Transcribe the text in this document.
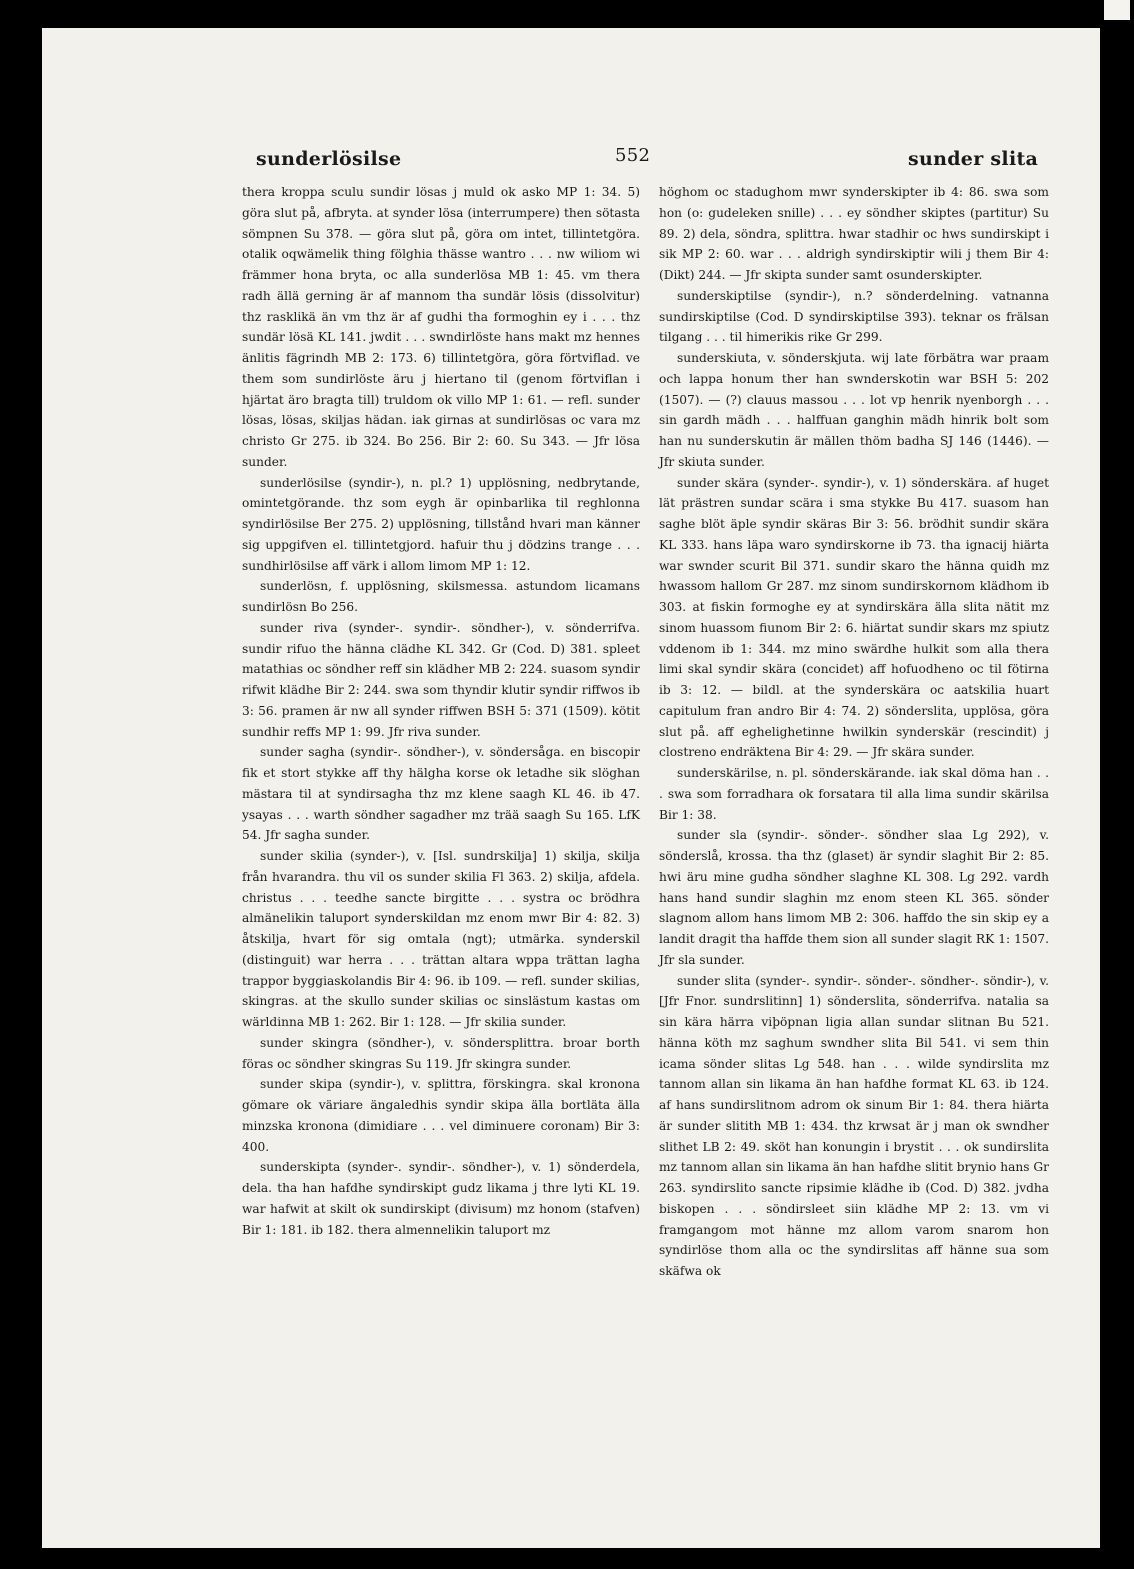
sunderlösilse	552	sunder slita

thera kroppa sculu sundir lösas j muld ok asko MP 1: 34. 5) göra slut på, afbryta. at synder lösa (interrumpere) then sötasta sömpnen Su 378. — göra slut på, göra om intet, tillintetgöra. otalik oqwämelik thing fölghia thässe wantro . . . nw wiliom wi främmer hona bryta, oc alla sunderlösa MB 1: 45. vm thera radh ällä gerning är af mannom tha sundär lösis (dissolvitur) thz rasklikä än vm thz är af gudhi tha formoghin ey i . . . thz sundär lösä KL 141. jwdit . . . swndirlöste hans makt mz hennes änlitis fägrindh MB 2: 173. 6) tillintetgöra, göra förtviflad. ve them som sundirlöste äru j hiertano til (genom förtviflan i hjärtat äro bragta till) truldom ok villo MP 1: 61. — refl. sunder lösas, lösas, skiljas hädan. iak girnas at sundirlösas oc vara mz christo Gr 275. ib 324. Bo 256. Bir 2: 60. Su 343. — Jfr lösa sunder.

sunderlösilse (syndir-), n. pl.? 1) upplösning, nedbrytande, omintetgörande. thz som eygh är opinbarlika til reghlonna syndirlösilse Ber 275. 2) upplösning, tillstånd hvari man känner sig uppgifven el. tillintetgjord. hafuir thu j dödzins trange . . . sundhirlösilse aff värk i allom limom MP 1: 12.

sunderlösn, f. upplösning, skilsmessa. astundom licamans sundirlösn Bo 256.

sunder riva (synder-. syndir-. söndher-), v. sönderrifva. sundir rifuo the hänna clädhe KL 342. Gr (Cod. D) 381. spleet matathias oc söndher reff sin klädher MB 2: 224. suasom syndir rifwit klädhe Bir 2: 244. swa som thyndir klutir syndir riffwos ib 3: 56. pramen är nw all synder riffwen BSH 5: 371 (1509). kötit sundhir reffs MP 1: 99. Jfr riva sunder.

sunder sagha (syndir-. söndher-), v. söndersåga. en biscopir fik et stort stykke aff thy hälgha korse ok letadhe sik slöghan mästara til at syndirsagha thz mz klene saagh KL 46. ib 47. ysayas . . . warth söndher sagadher mz trää saagh Su 165. LfK 54. Jfr sagha sunder.

sunder skilia (synder-), v. [Isl. sundrskilja] 1) skilja, skilja från hvarandra. thu vil os sunder skilia Fl 363. 2) skilja, afdela. christus . . . teedhe sancte birgitte . . . systra oc brödhra almänelikin taluport synderskildan mz enom mwr Bir 4: 82. 3) åtskilja, hvart för sig omtala (ngt); utmärka. synderskil (distinguit) war herra . . . trättan altara wppa trättan lagha trappor byggiaskolandis Bir 4: 96. ib 109. — refl. sunder skilias, skingras. at the skullo sunder skilias oc sinslästum kastas om wärldinna MB 1: 262. Bir 1: 128. — Jfr skilia sunder.

sunder skingra (söndher-), v. söndersplittra. broar borth föras oc söndher skingras Su 119. Jfr skingra sunder.

sunder skipa (syndir-), v. splittra, förskingra. skal kronona gömare ok väriare ängaledhis syndir skipa älla bortläta älla minzska kronona (dimidiare . . . vel diminuere coronam) Bir 3: 400.

sunderskipta (synder-. syndir-. söndher-), v. 1) sönderdela, dela. tha han hafdhe syndirskipt gudz likama j thre lyti KL 19. war hafwit at skilt ok sundirskipt (divisum) mz honom (stafven) Bir 1: 181. ib 182. thera almennelikin taluport mz

höghom oc stadughom mwr synderskipter ib 4: 86. swa som hon (o: gudeleken snille) . . . ey söndher skiptes (partitur) Su 89. 2) dela, söndra, splittra. hwar stadhir oc hws sundirskipt i sik MP 2: 60. war . . . aldrigh syndirskiptir wili j them Bir 4: (Dikt) 244. — Jfr skipta sunder samt osunderskipter.

sunderskiptilse (syndir-), n.? sönderdelning. vatnanna sundirskiptilse (Cod. D syndirskiptilse 393). teknar os frälsan tilgang . . . til himerikis rike Gr 299.

sunderskiuta, v. sönderskjuta. wij late förbätra war praam och lappa honum ther han swnderskotin war BSH 5: 202 (1507). — (?) clauus massou . . . lot vp henrik nyenborgh . . . sin gardh mädh . . . halffuan ganghin mädh hinrik bolt som han nu sunderskutin är mällen thöm badha SJ 146 (1446). — Jfr skiuta sunder.

sunder skära (synder-. syndir-), v. 1) sönderskära. af huget lät prästren sundar scära i sma stykke Bu 417. suasom han saghe blöt äple syndir skäras Bir 3: 56. brödhit sundir skära KL 333. hans läpa waro syndirskorne ib 73. tha ignacij hiärta war swnder scurit Bil 371. sundir skaro the hänna quidh mz hwassom hallom Gr 287. mz sinom sundirskornom klädhom ib 303. at fiskin formoghe ey at syndirskära älla slita nätit mz sinom huassom fiunom Bir 2: 6. hiärtat sundir skars mz spiutz vddenom ib 1: 344. mz mino swärdhe hulkit som alla thera limi skal syndir skära (concidet) aff hofuodheno oc til fötirna ib 3: 12. — bildl. at the synderskära oc aatskilia huart capitulum fran andro Bir 4: 74. 2) sönderslita, upplösa, göra slut på. aff eghelighetinne hwilkin synderskär (rescindit) j clostreno endräktena Bir 4: 29. — Jfr skära sunder.

sunderskärilse, n. pl. sönderskärande. iak skal döma han . . . swa som forradhara ok forsatara til alla lima sundir skärilsa Bir 1: 38.

sunder sla (syndir-. sönder-. söndher slaa Lg 292), v. sönderslå, krossa. tha thz (glaset) är syndir slaghit Bir 2: 85. hwi äru mine gudha söndher slaghne KL 308. Lg 292. vardh hans hand sundir slaghin mz enom steen KL 365. sönder slagnom allom hans limom MB 2: 306. haffdo the sin skip ey a landit dragit tha haffde them sion all sunder slagit RK 1: 1507. Jfr sla sunder.

sunder slita (synder-. syndir-. sönder-. söndher-. söndir-), v. [Jfr Fnor. sundrslitinn] 1) sönderslita, sönderrifva. natalia sa sin kära härra viþöpnan ligia allan sundar slitnan Bu 521. hänna köth mz saghum swndher slita Bil 541. vi sem thin icama sönder slitas Lg 548. han . . . wilde syndirslita mz tannom allan sin likama än han hafdhe format KL 63. ib 124. af hans sundirslitnom adrom ok sinum Bir 1: 84. thera hiärta är sunder slitith MB 1: 434. thz krwsat är j man ok swndher slithet LB 2: 49. sköt han konungin i brystit . . . ok sundirslita mz tannom allan sin likama än han hafdhe slitit brynio hans Gr 263. syndirslito sancte ripsimie klädhe ib (Cod. D) 382. jvdha biskopen . . . söndirsleet siin klädhe MP 2: 13. vm vi framgangom mot hänne mz allom varom snarom hon syndirlöse thom alla oc the syndirslitas aff hänne sua som skäfwa ok
